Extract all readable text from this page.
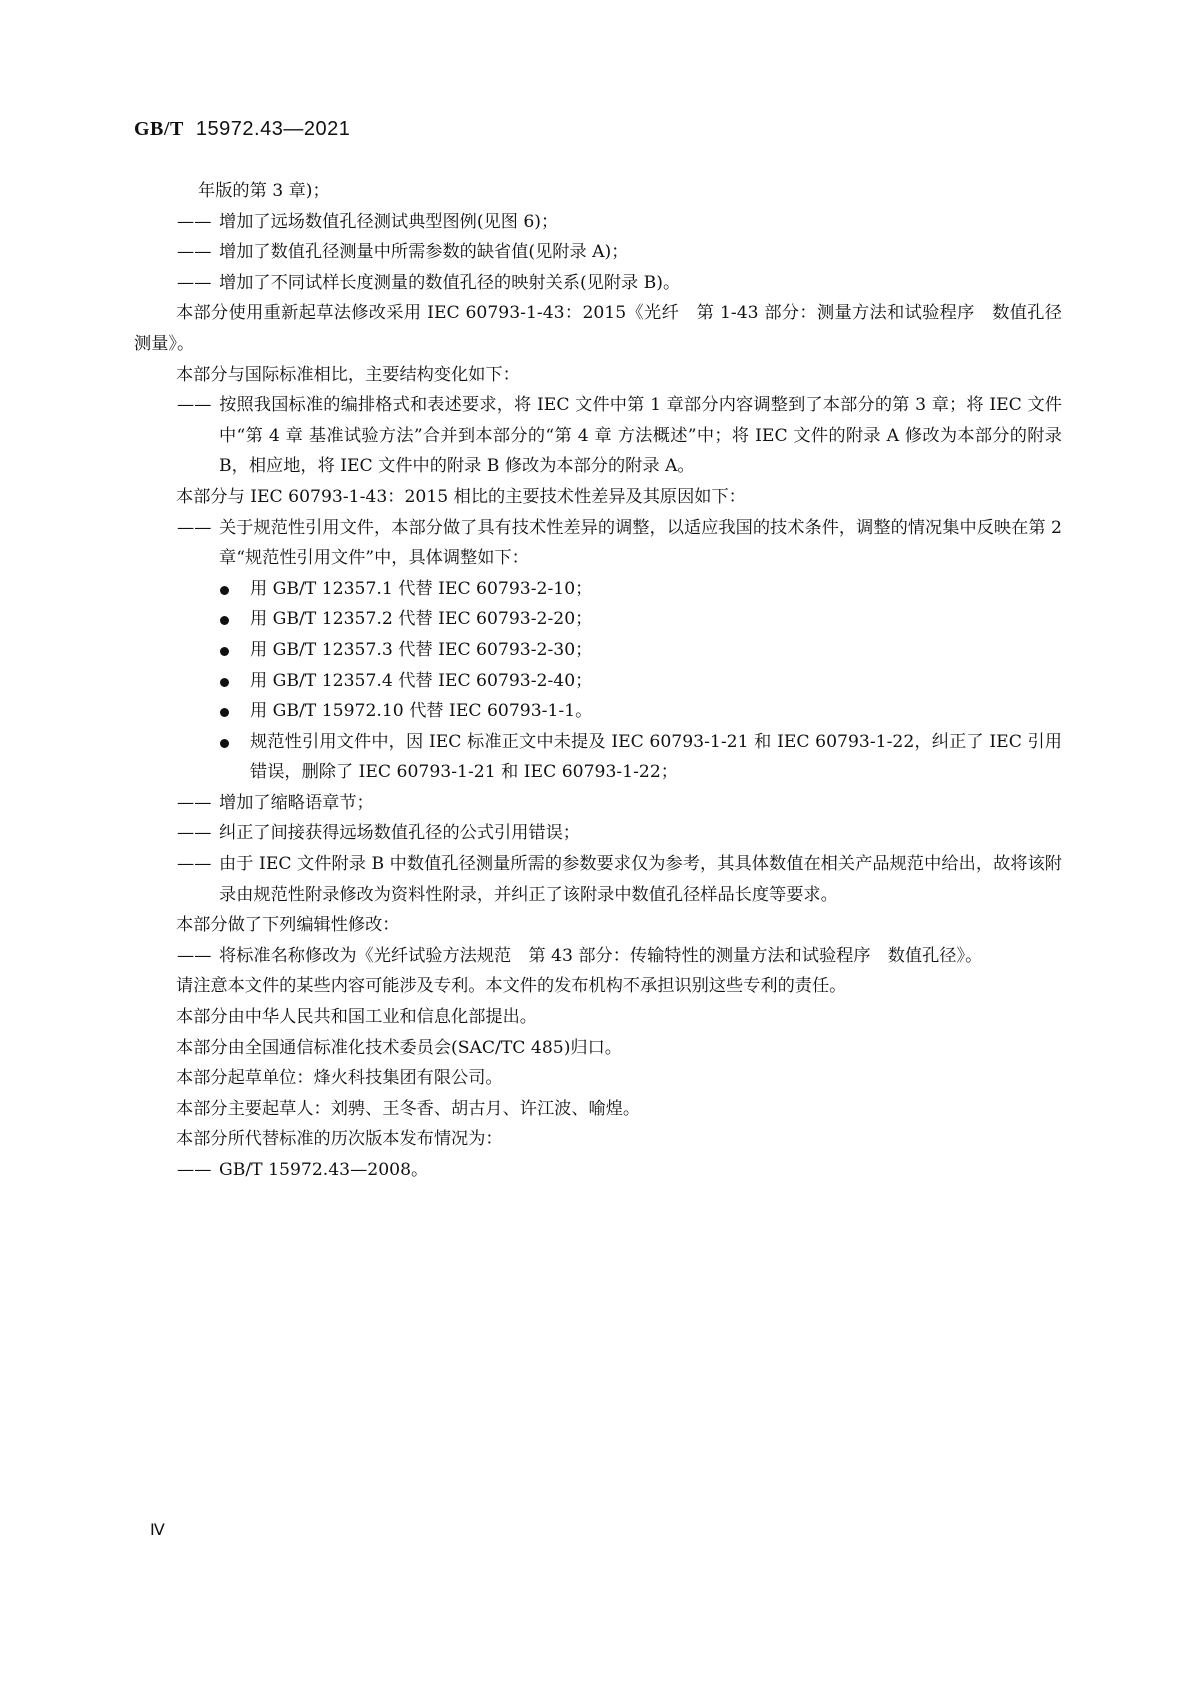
GB/T 15972.43—2021
年版的第 3 章)；
—— 增加了远场数值孔径测试典型图例(见图 6)；
—— 增加了数值孔径测量中所需参数的缺省值(见附录 A)；
—— 增加了不同试样长度测量的数值孔径的映射关系(见附录 B)。
本部分使用重新起草法修改采用 IEC 60793-1-43：2015《光纤　第 1-43 部分：测量方法和试验程序　数值孔径测量》。
本部分与国际标准相比，主要结构变化如下：
—— 按照我国标准的编排格式和表述要求，将 IEC 文件中第 1 章部分内容调整到了本部分的第 3 章；将 IEC 文件中“第 4 章 基准试验方法”合并到本部分的“第 4 章 方法概述”中；将 IEC 文件的附录 A 修改为本部分的附录 B，相应地，将 IEC 文件中的附录 B 修改为本部分的附录 A。
本部分与 IEC 60793-1-43：2015 相比的主要技术性差异及其原因如下：
—— 关于规范性引用文件，本部分做了具有技术性差异的调整，以适应我国的技术条件，调整的情况集中反映在第 2 章“规范性引用文件”中，具体调整如下：
用 GB/T 12357.1 代替 IEC 60793-2-10；
用 GB/T 12357.2 代替 IEC 60793-2-20；
用 GB/T 12357.3 代替 IEC 60793-2-30；
用 GB/T 12357.4 代替 IEC 60793-2-40；
用 GB/T 15972.10 代替 IEC 60793-1-1。
规范性引用文件中，因 IEC 标准正文中未提及 IEC 60793-1-21 和 IEC 60793-1-22，纠正了 IEC 引用错误，删除了 IEC 60793-1-21 和 IEC 60793-1-22；
—— 增加了缩略语章节；
—— 纠正了间接获得远场数值孔径的公式引用错误；
—— 由于 IEC 文件附录 B 中数值孔径测量所需的参数要求仅为参考，其具体数值在相关产品规范中给出，故将该附录由规范性附录修改为资料性附录，并纠正了该附录中数值孔径样品长度等要求。
本部分做了下列编辑性修改：
—— 将标准名称修改为《光纤试验方法规范　第 43 部分：传输特性的测量方法和试验程序　数值孔径》。
请注意本文件的某些内容可能涉及专利。本文件的发布机构不承担识别这些专利的责任。
本部分由中华人民共和国工业和信息化部提出。
本部分由全国通信标准化技术委员会(SAC/TC 485)归口。
本部分起草单位：烽火科技集团有限公司。
本部分主要起草人：刘骋、王冬香、胡古月、许江波、喻煌。
本部分所代替标准的历次版本发布情况为：
—— GB/T 15972.43—2008。
Ⅳ
